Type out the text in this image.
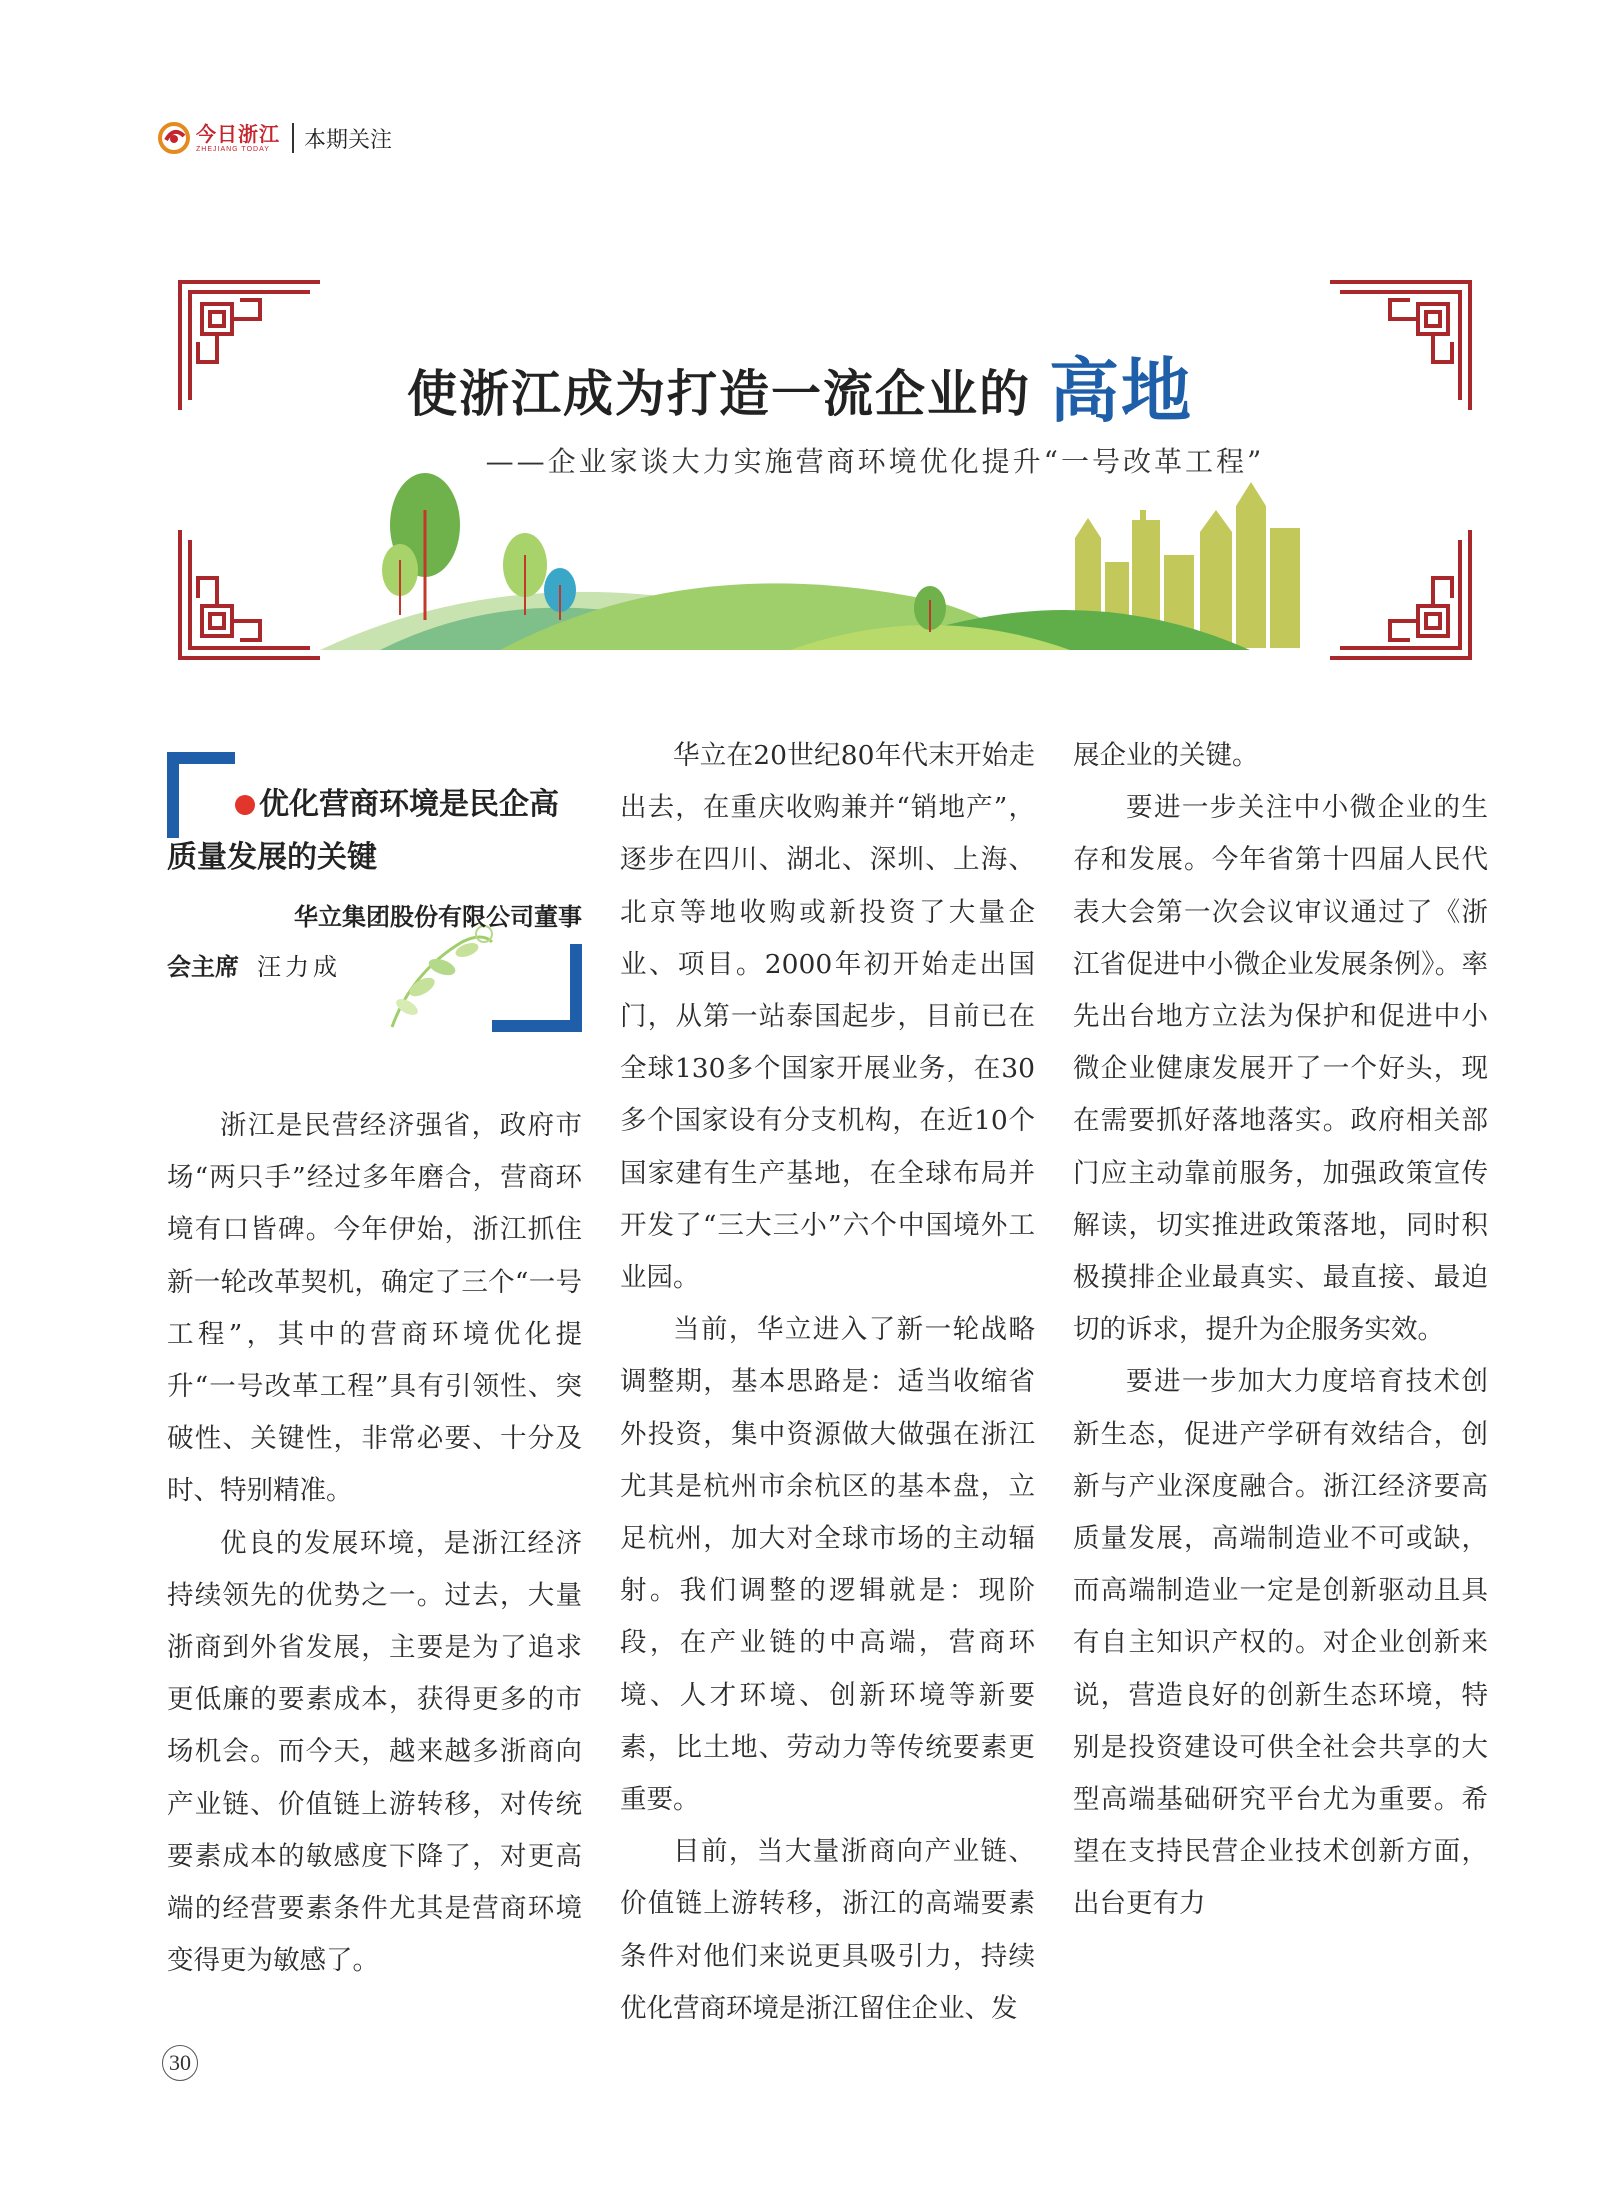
今日浙江
ZHEJIANG TODAY	本期关注
使浙江成为打造一流企业的 高地
——企业家谈大力实施营商环境优化提升“一号改革工程”
优化营商环境是民企高质量发展的关键
华立集团股份有限公司董事
会主席 汪力成

浙江是民营经济强省，政府市场“两只手”经过多年磨合，营商环境有口皆碑。今年伊始，浙江抓住新一轮改革契机，确定了三个“一号工程”，其中的营商环境优化提升“一号改革工程”具有引领性、突破性、关键性，非常必要、十分及时、特别精准。

优良的发展环境，是浙江经济持续领先的优势之一。过去，大量浙商到外省发展，主要是为了追求更低廉的要素成本，获得更多的市场机会。而今天，越来越多浙商向产业链、价值链上游转移，对传统要素成本的敏感度下降了，对更高端的经营要素条件尤其是营商环境变得更为敏感了。

华立在20世纪80年代末开始走出去，在重庆收购兼并“销地产”，逐步在四川、湖北、深圳、上海、北京等地收购或新投资了大量企业、项目。2000年初开始走出国门，从第一站泰国起步，目前已在全球130多个国家开展业务，在30多个国家设有分支机构，在近10个国家建有生产基地，在全球布局并开发了“三大三小”六个中国境外工业园。

当前，华立进入了新一轮战略调整期，基本思路是：适当收缩省外投资，集中资源做大做强在浙江尤其是杭州市余杭区的基本盘，立足杭州，加大对全球市场的主动辐射。我们调整的逻辑就是：现阶段，在产业链的中高端，营商环境、人才环境、创新环境等新要素，比土地、劳动力等传统要素更重要。

目前，当大量浙商向产业链、价值链上游转移，浙江的高端要素条件对他们来说更具吸引力，持续优化营商环境是浙江留住企业、发

展企业的关键。

要进一步关注中小微企业的生存和发展。今年省第十四届人民代表大会第一次会议审议通过了《浙江省促进中小微企业发展条例》。率先出台地方立法为保护和促进中小微企业健康发展开了一个好头，现在需要抓好落地落实。政府相关部门应主动靠前服务，加强政策宣传解读，切实推进政策落地，同时积极摸排企业最真实、最直接、最迫切的诉求，提升为企服务实效。

要进一步加大力度培育技术创新生态，促进产学研有效结合，创新与产业深度融合。浙江经济要高质量发展，高端制造业不可或缺，而高端制造业一定是创新驱动且具有自主知识产权的。对企业创新来说，营造良好的创新生态环境，特别是投资建设可供全社会共享的大型高端基础研究平台尤为重要。希望在支持民营企业技术创新方面，出台更有力

30
